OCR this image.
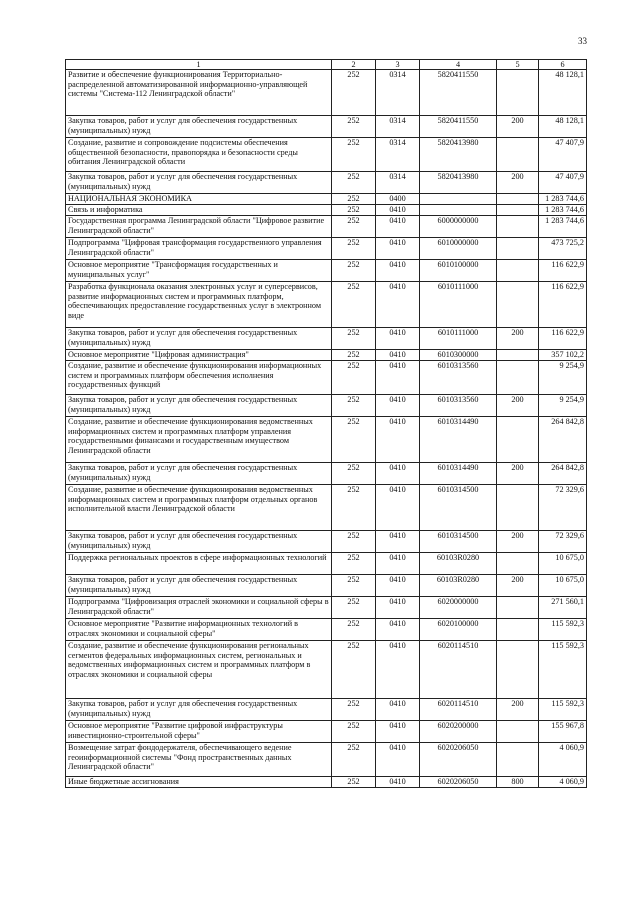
33
1	2	3	4	5	6
Развитие и обеспечение функционирования Территориально-распределенной автоматизированной информационно-управляющей системы "Система-112 Ленинградской области"	252	0314	5820411550		48 128,1
Закупка товаров, работ и услуг для обеспечения государственных (муниципальных) нужд	252	0314	5820411550	200	48 128,1
Создание, развитие и сопровождение подсистемы обеспечения общественной безопасности, правопорядка и безопасности среды обитания Ленинградской области	252	0314	5820413980		47 407,9
Закупка товаров, работ и услуг для обеспечения государственных (муниципальных) нужд	252	0314	5820413980	200	47 407,9
НАЦИОНАЛЬНАЯ ЭКОНОМИКА	252	0400			1 283 744,6
Связь и информатика	252	0410			1 283 744,6
Государственная программа Ленинградской области "Цифровое развитие Ленинградской области"	252	0410	6000000000		1 283 744,6
Подпрограмма "Цифровая трансформация государственного управления Ленинградской области"	252	0410	6010000000		473 725,2
Основное мероприятие "Трансформация государственных и муниципальных услуг"	252	0410	6010100000		116 622,9
Разработка функционала оказания электронных услуг и суперсервисов, развитие информационных систем и программных платформ, обеспечивающих предоставление государственных услуг в электронном виде	252	0410	6010111000		116 622,9
Закупка товаров, работ и услуг для обеспечения государственных (муниципальных) нужд	252	0410	6010111000	200	116 622,9
Основное мероприятие "Цифровая администрация"	252	0410	6010300000		357 102,2
Создание, развитие и обеспечение функционирования информационных систем и программных платформ обеспечения исполнения государственных функций	252	0410	6010313560		9 254,9
Закупка товаров, работ и услуг для обеспечения государственных (муниципальных) нужд	252	0410	6010313560	200	9 254,9
Создание, развитие и обеспечение функционирования ведомственных информационных систем и программных платформ управления государственными финансами и государственным имуществом Ленинградской области	252	0410	6010314490		264 842,8
Закупка товаров, работ и услуг для обеспечения государственных (муниципальных) нужд	252	0410	6010314490	200	264 842,8
Создание, развитие и обеспечение функционирования ведомственных информационных систем и программных платформ отдельных органов исполнительной власти Ленинградской области	252	0410	6010314500		72 329,6
Закупка товаров, работ и услуг для обеспечения государственных (муниципальных) нужд	252	0410	6010314500	200	72 329,6
Поддержка региональных проектов в сфере информационных технологий	252	0410	60103R0280		10 675,0
Закупка товаров, работ и услуг для обеспечения государственных (муниципальных) нужд	252	0410	60103R0280	200	10 675,0
Подпрограмма "Цифровизация отраслей экономики и социальной сферы в Ленинградской области"	252	0410	6020000000		271 560,1
Основное мероприятие "Развитие информационных технологий в отраслях экономики и социальной сферы"	252	0410	6020100000		115 592,3
Создание, развитие и обеспечение функционирования региональных сегментов федеральных информационных систем, региональных и ведомственных информационных систем и программных платформ в отраслях экономики и социальной сферы	252	0410	6020114510		115 592,3
Закупка товаров, работ и услуг для обеспечения государственных (муниципальных) нужд	252	0410	6020114510	200	115 592,3
Основное мероприятие "Развитие цифровой инфраструктуры инвестиционно-строительной сферы"	252	0410	6020200000		155 967,8
Возмещение затрат фондодержателя, обеспечивающего ведение геоинформационной системы "Фонд пространственных данных Ленинградской области"	252	0410	6020206050		4 060,9
Иные бюджетные ассигнования	252	0410	6020206050	800	4 060,9
